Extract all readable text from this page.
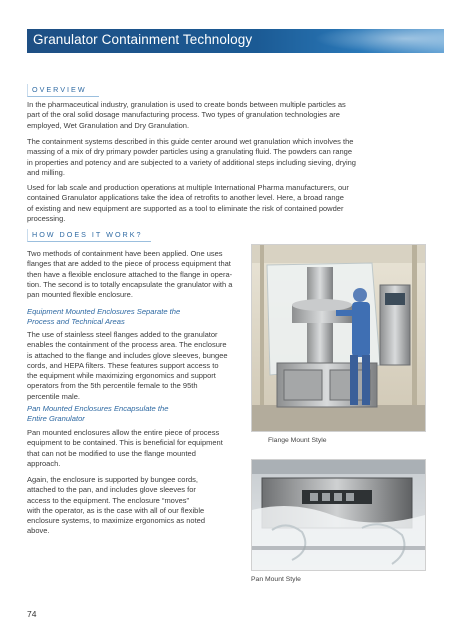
Granulator Containment Technology
OVERVIEW
In the pharmaceutical industry, granulation is used to create bonds between multiple particles as
part of the oral solid dosage manufacturing process. Two types of granulation technologies are
employed, Wet Granulation and Dry Granulation.
The containment systems described in this guide center around wet granulation which involves the
massing of a mix of dry primary powder particles using a granulating fluid. The powders can range
in properties and potency and are subjected to a variety of additional steps including sieving, drying
and milling.
Used for lab scale and production operations at multiple International Pharma manufacturers, our
contained Granulator applications take the idea of retrofits to another level. Here, a broad range
of existing and new equipment are supported as a tool to eliminate the risk of contained powder
processing.
HOW DOES IT WORK?
Two methods of containment have been applied. One uses
flanges that are added to the piece of process equipment that
then have a flexible enclosure attached to the flange in opera-
tion. The second is to totally encapsulate the granulator with a
pan mounted flexible enclosure.
Equipment Mounted Enclosures Separate the
Process and Technical Areas
The use of stainless steel flanges added to the granulator
enables the containment of the process area. The enclosure
is attached to the flange and includes glove sleeves, bungee
cords, and HEPA filters. These features support access to
the equipment while maximizing ergonomics and support
operators from the 5th percentile female to the 95th
percentile male.
Pan Mounted Enclosures Encapsulate the
Entire Granulator
Pan mounted enclosures allow the entire piece of process
equipment to be contained. This is beneficial for equipment
that can not be modified to use the flange mounted
approach.
Again, the enclosure is supported by bungee cords,
attached to the pan, and includes glove sleeves for
access to the equipment. The enclosure “moves”
with the operator, as is the case with all of our flexible
enclosure systems, to maximize ergonomics as noted
above.
Flange Mount Style
Pan Mount Style
74
